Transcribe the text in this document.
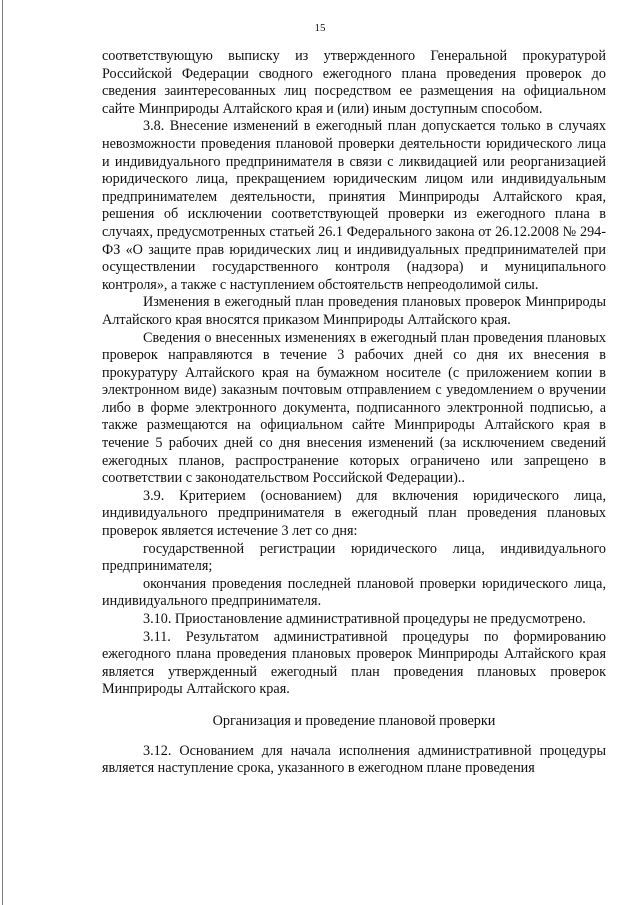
15

соответствующую выписку из утвержденного Генеральной прокуратурой Российской Федерации сводного ежегодного плана проведения проверок до сведения заинтересованных лиц посредством ее размещения на официальном сайте Минприроды Алтайского края и (или) иным доступным способом.

3.8. Внесение изменений в ежегодный план допускается только в случаях невозможности проведения плановой проверки деятельности юридического лица и индивидуального предпринимателя в связи с ликвидацией или реорганизацией юридического лица, прекращением юридическим лицом или индивидуальным предпринимателем деятельности, принятия Минприроды Алтайского края, решения об исключении соответствующей проверки из ежегодного плана в случаях, предусмотренных статьей 26.1 Федерального закона от 26.12.2008 № 294-ФЗ «О защите прав юридических лиц и индивидуальных предпринимателей при осуществлении государственного контроля (надзора) и муниципального контроля», а также с наступлением обстоятельств непреодолимой силы.

Изменения в ежегодный план проведения плановых проверок Минприроды Алтайского края вносятся приказом Минприроды Алтайского края.

Сведения о внесенных изменениях в ежегодный план проведения плановых проверок направляются в течение 3 рабочих дней со дня их внесения в прокуратуру Алтайского края на бумажном носителе (с приложением копии в электронном виде) заказным почтовым отправлением с уведомлением о вручении либо в форме электронного документа, подписанного электронной подписью, а также размещаются на официальном сайте Минприроды Алтайского края в течение 5 рабочих дней со дня внесения изменений (за исключением сведений ежегодных планов, распространение которых ограничено или запрещено в соответствии с законодательством Российской Федерации)..

3.9. Критерием (основанием) для включения юридического лица, индивидуального предпринимателя в ежегодный план проведения плановых проверок является истечение 3 лет со дня:

государственной регистрации юридического лица, индивидуального предпринимателя;

окончания проведения последней плановой проверки юридического лица, индивидуального предпринимателя.

3.10. Приостановление административной процедуры не предусмотрено.

3.11. Результатом административной процедуры по формированию ежегодного плана проведения плановых проверок Минприроды Алтайского края является утвержденный ежегодный план проведения плановых проверок Минприроды Алтайского края.

Организация и проведение плановой проверки

3.12. Основанием для начала исполнения административной процедуры является наступление срока, указанного в ежегодном плане проведения
